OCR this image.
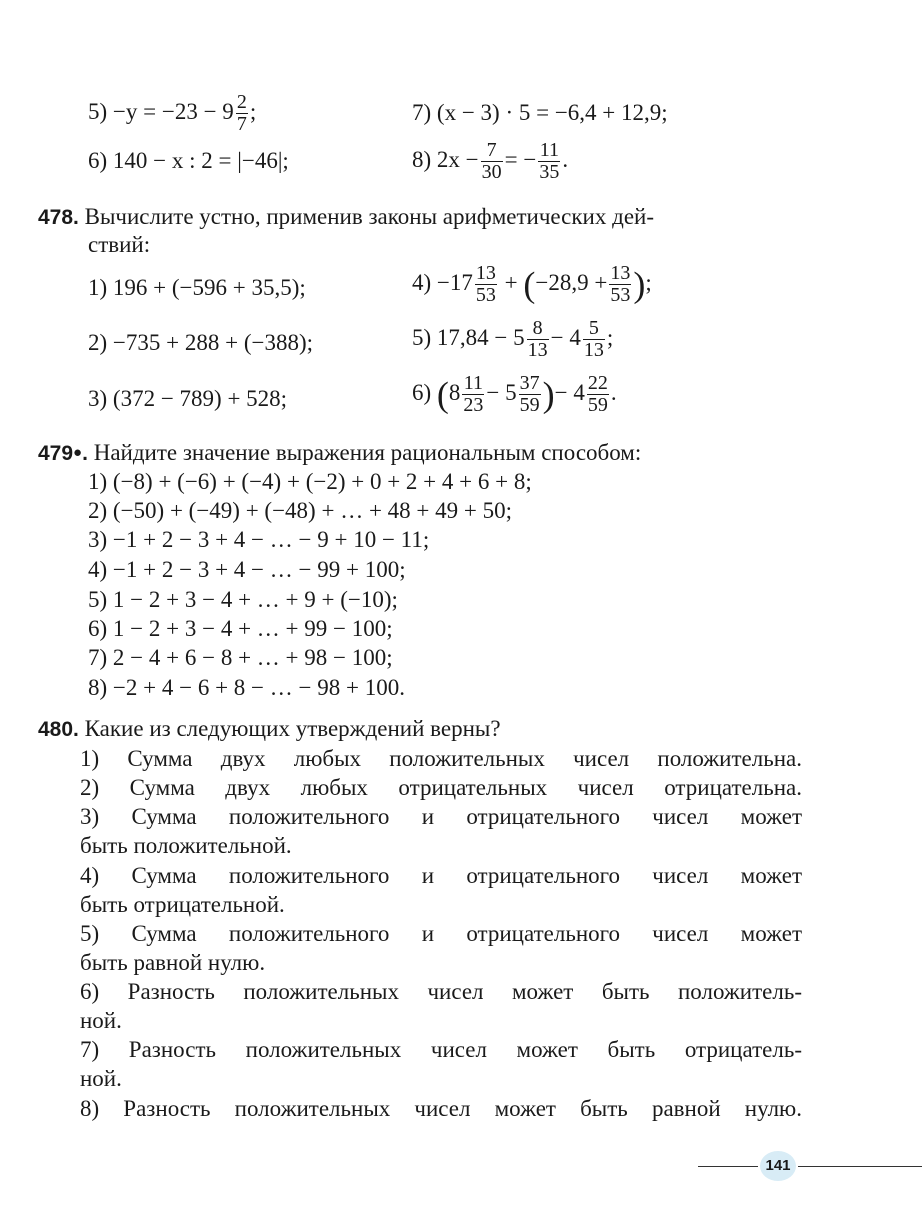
$5) -y = -23 - 9 \frac{2}{7}$ ;	7) (x − 3) · 5 = −6,4 + 12,9;
6) 140 − x : 2 = |−46|;	8) $2x - \frac{7}{30}$ = − $\frac{11}{35}$ .
478. Вычислите устно, применив законы арифметических дей-
ствий:
1) 196 + (−596 + 35,5);	$4) -17 \frac{13}{53} + (-28,9 + \frac{13}{53}$ );
2) −735 + 288 + (−388);	5) $17,84 - 5 \frac{8}{13} - 4 \frac{5}{13}$ ;
3) (372 − 789) + 528;	6) ($8 \frac{11}{23} - 5 \frac{37}{59}$ )− $4 \frac{22}{59}$ .
479●. Найдите значение выражения рациональным способом:
1) (−8) + (−6) + (−4) + (−2) + 0 + 2 + 4 + 6 + 8;
2) (−50) + (−49) + (−48) + … + 48 + 49 + 50;
3) −1 + 2 − 3 + 4 − … − 9 + 10 − 11;
4) −1 + 2 − 3 + 4 − … − 99 + 100;
5) 1 − 2 + 3 − 4 + … + 9 + (−10);
6) 1 − 2 + 3 − 4 + … + 99 − 100;
7) 2 − 4 + 6 − 8 + … + 98 − 100;
8) −2 + 4 − 6 + 8 − … − 98 + 100.
480. Какие из следующих утверждений верны?
1) Сумма двух любых положительных чисел положительна.
2) Сумма двух любых отрицательных чисел отрицательна.
3) Сумма положительного и отрицательного чисел может
быть положительной.
4) Сумма положительного и отрицательного чисел может
быть отрицательной.
5) Сумма положительного и отрицательного чисел может
быть равной нулю.
6) Разность положительных чисел может быть положитель-
ной.
7) Разность положительных чисел может быть отрицатель-
ной.
8) Разность положительных чисел может быть равной нулю.
141
